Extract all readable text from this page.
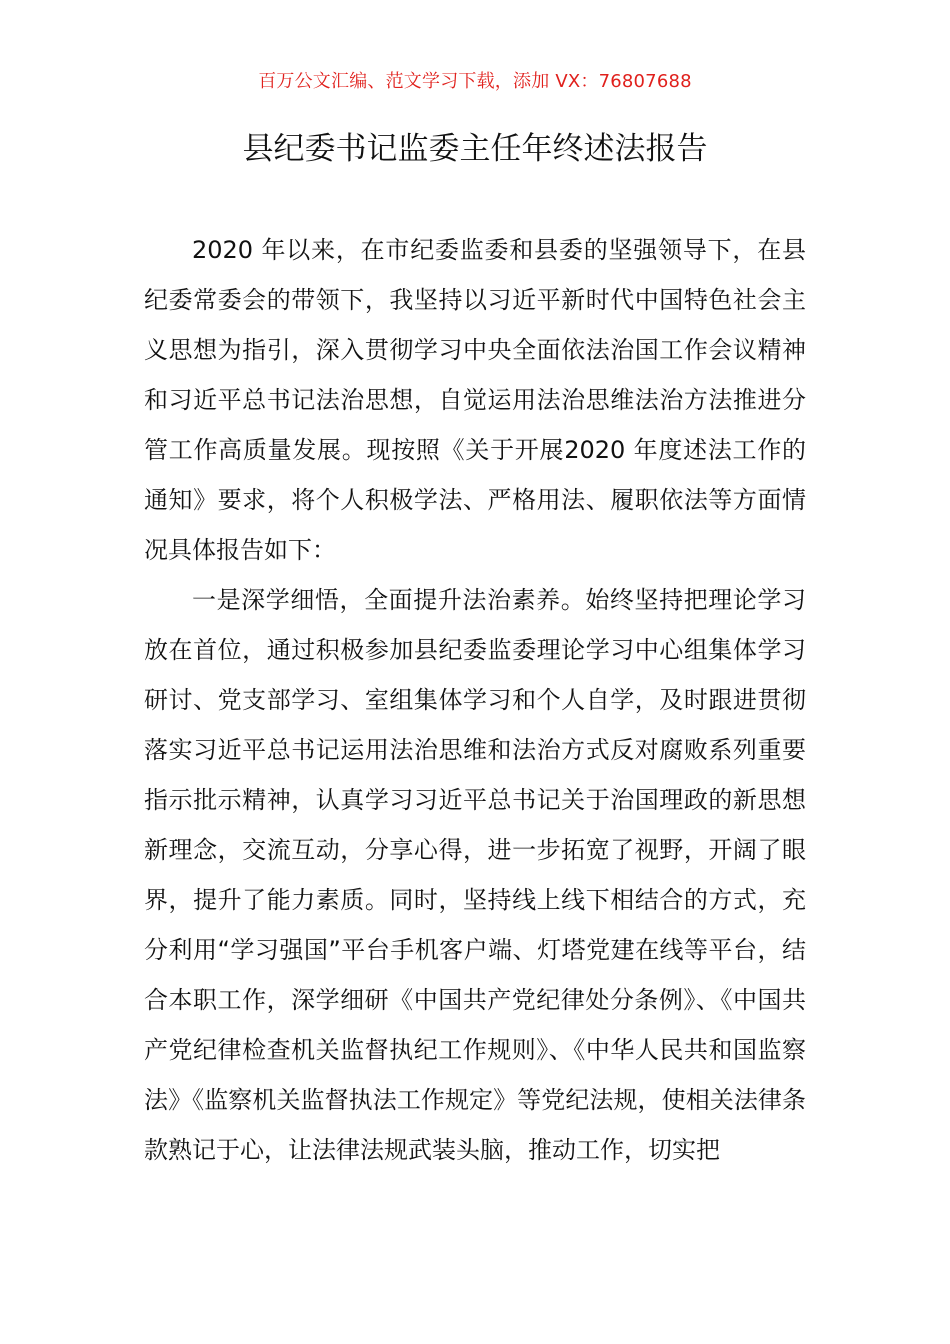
百万公文汇编、范文学习下载，添加 VX：76807688
县纪委书记监委主任年终述法报告

2020 年以来，在市纪委监委和县委的坚强领导下，在县纪委常委会的带领下，我坚持以习近平新时代中国特色社会主义思想为指引，深入贯彻学习中央全面依法治国工作会议精神和习近平总书记法治思想，自觉运用法治思维法治方法推进分管工作高质量发展。现按照《关于开展2020 年度述法工作的通知》要求，将个人积极学法、严格用法、履职依法等方面情况具体报告如下：

一是深学细悟，全面提升法治素养。始终坚持把理论学习放在首位，通过积极参加县纪委监委理论学习中心组集体学习研讨、党支部学习、室组集体学习和个人自学，及时跟进贯彻落实习近平总书记运用法治思维和法治方式反对腐败系列重要指示批示精神，认真学习习近平总书记关于治国理政的新思想新理念，交流互动，分享心得，进一步拓宽了视野，开阔了眼界，提升了能力素质。同时，坚持线上线下相结合的方式，充分利用“学习强国”平台手机客户端、灯塔党建在线等平台，结合本职工作，深学细研《中国共产党纪律处分条例》、《中国共产党纪律检查机关监督执纪工作规则》、《中华人民共和国监察法》《监察机关监督执法工作规定》等党纪法规，使相关法律条款熟记于心，让法律法规武装头脑，推动工作，切实把
